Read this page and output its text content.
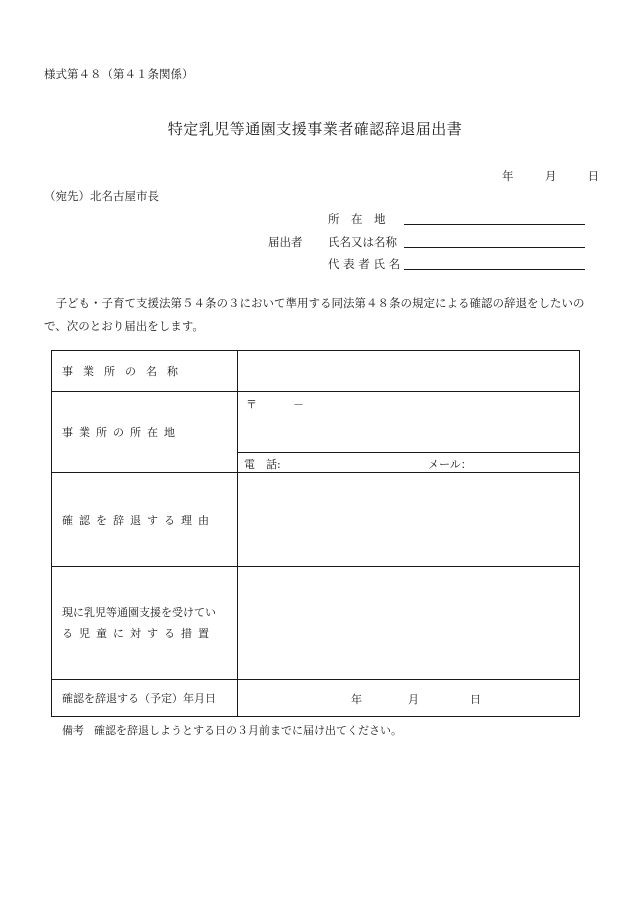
様式第４８（第４１条関係）
特定乳児等通園支援事業者確認辞退届出書
年	月	日
（宛先）北名古屋市長
届出者
所　在　地
氏名又は名称
代 表 者 氏 名
 子ども・子育て支援法第５４条の３において準用する同法第４８条の規定による確認の辞退をしたいので、次のとおり届出をします。
事業所の名称	
事業所の所在地	〒 －

	電　話: メール：

確認を辞退する理由	

現に乳児等通園支援を受けてい
る児童に対する措置	

確認を辞退する（予定）年月日	年 月 日
備考 確認を辞退しようとする日の３月前までに届け出てください。
